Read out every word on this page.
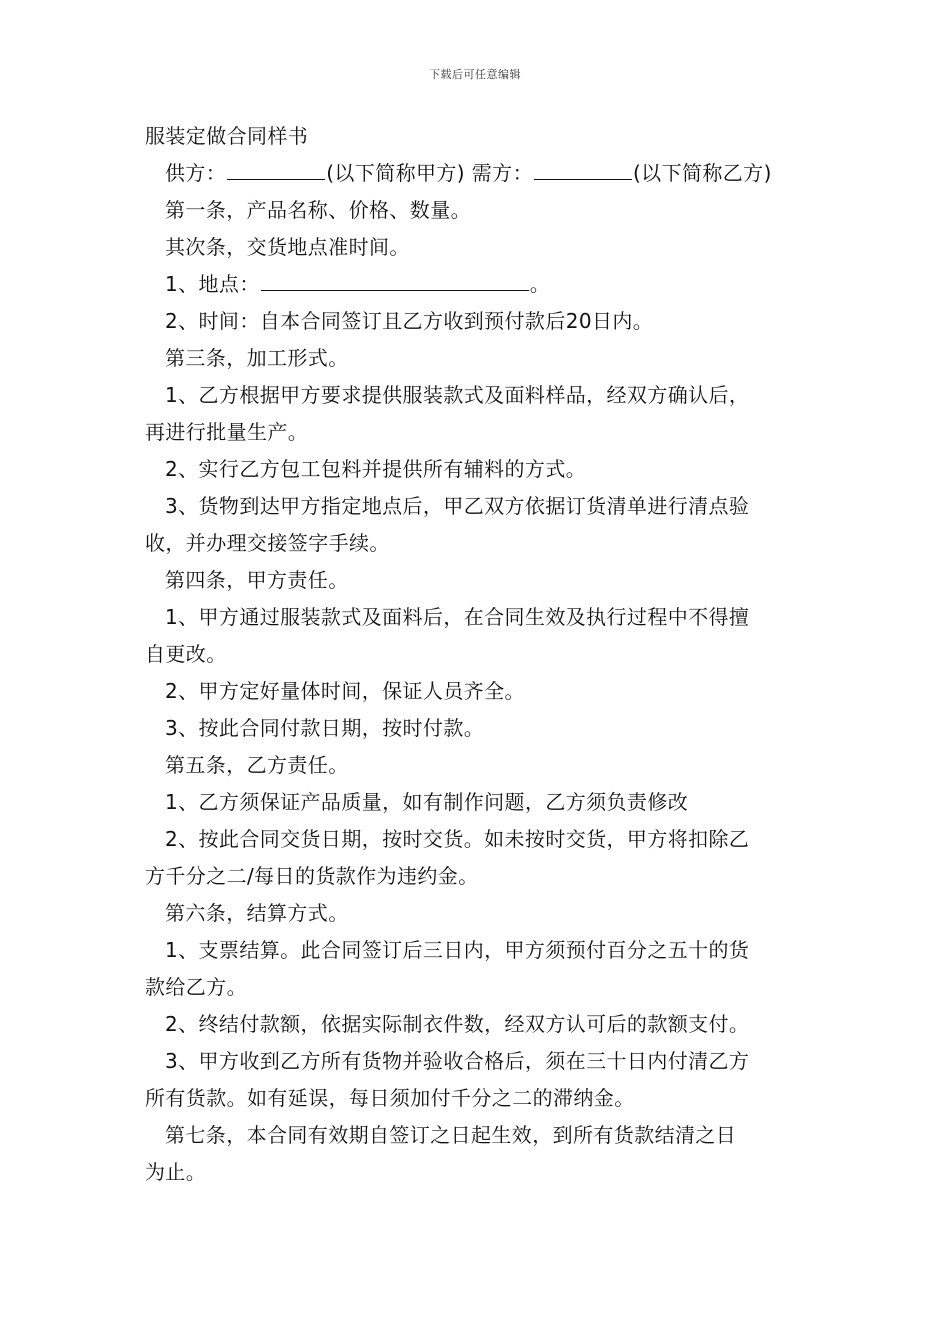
下载后可任意编辑
服装定做合同样书
供方：	(以下简称甲方) 需方：	(以下简称乙方)
第一条，产品名称、价格、数量。
其次条，交货地点准时间。
1、地点：	。
2、时间：自本合同签订且乙方收到预付款后20日内。
第三条，加工形式。
1、乙方根据甲方要求提供服装款式及面料样品，经双方确认后，
再进行批量生产。
2、实行乙方包工包料并提供所有辅料的方式。
3、货物到达甲方指定地点后，甲乙双方依据订货清单进行清点验
收，并办理交接签字手续。
第四条，甲方责任。
1、甲方通过服装款式及面料后，在合同生效及执行过程中不得擅
自更改。
2、甲方定好量体时间，保证人员齐全。
3、按此合同付款日期，按时付款。
第五条，乙方责任。
1、乙方须保证产品质量，如有制作问题，乙方须负责修改
2、按此合同交货日期，按时交货。如未按时交货，甲方将扣除乙
方千分之二/每日的货款作为违约金。
第六条，结算方式。
1、支票结算。此合同签订后三日内，甲方须预付百分之五十的货
款给乙方。
2、终结付款额，依据实际制衣件数，经双方认可后的款额支付。
3、甲方收到乙方所有货物并验收合格后，须在三十日内付清乙方
所有货款。如有延误，每日须加付千分之二的滞纳金。
第七条，本合同有效期自签订之日起生效，到所有货款结清之日
为止。
